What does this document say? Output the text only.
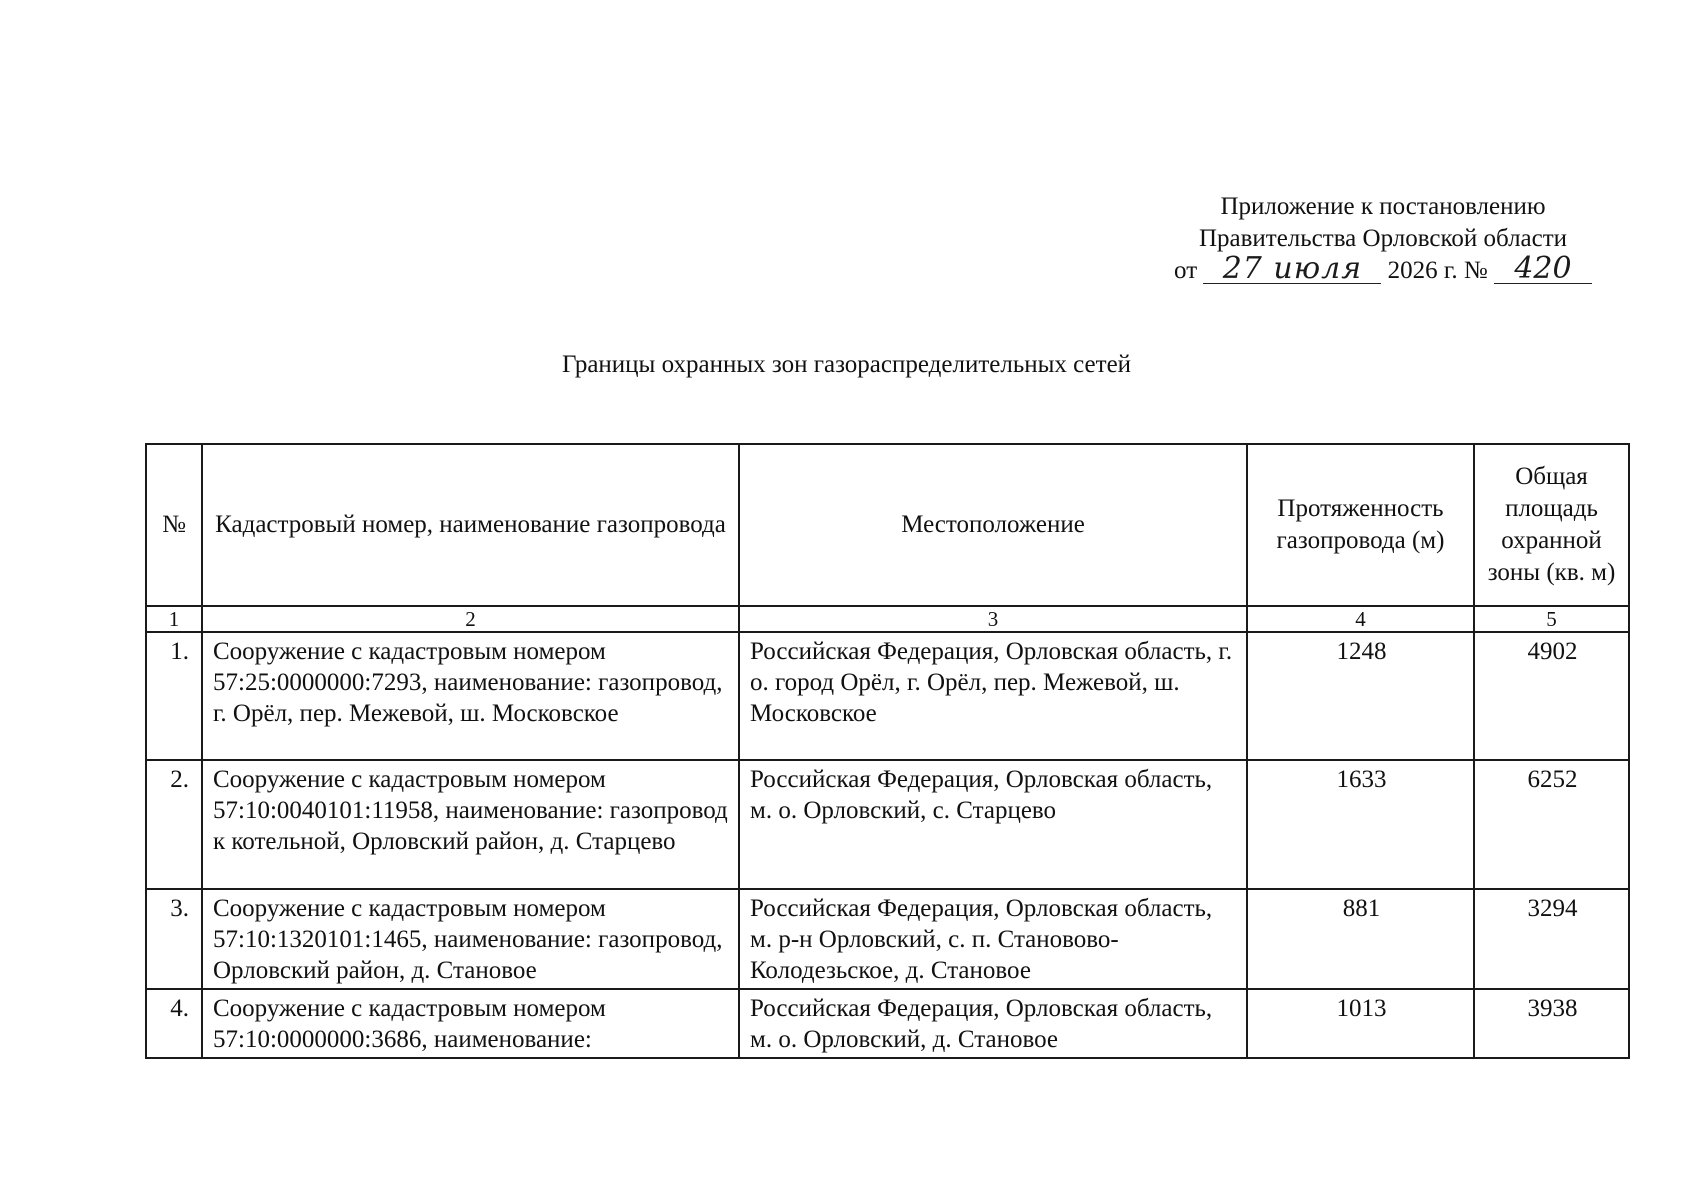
Приложение к постановлению
Правительства Орловской области
от 27 июля 2026 г. № 420
Границы охранных зон газораспределительных сетей
№	Кадастровый номер, наименование газопровода	Местоположение	Протяженность газопровода (м)	Общая площадь охранной зоны (кв. м)
1	2	3	4	5
1.	Сооружение с кадастровым номером 57:25:0000000:7293, наименование: газопровод, г. Орёл, пер. Межевой, ш. Московское	Российская Федерация, Орловская область, г. о. город Орёл, г. Орёл, пер. Межевой, ш. Московское	1248	4902
2.	Сооружение с кадастровым номером 57:10:0040101:11958, наименование: газопровод к котельной, Орловский район, д. Старцево	Российская Федерация, Орловская область, м. о. Орловский, с. Старцево	1633	6252
3.	Сооружение с кадастровым номером 57:10:1320101:1465, наименование: газопровод, Орловский район, д. Становое	Российская Федерация, Орловская область, м. р-н Орловский, с. п. Становово-Колодезьское, д. Становое	881	3294
4.	Сооружение с кадастровым номером 57:10:0000000:3686, наименование:	Российская Федерация, Орловская область, м. о. Орловский, д. Становое	1013	3938
